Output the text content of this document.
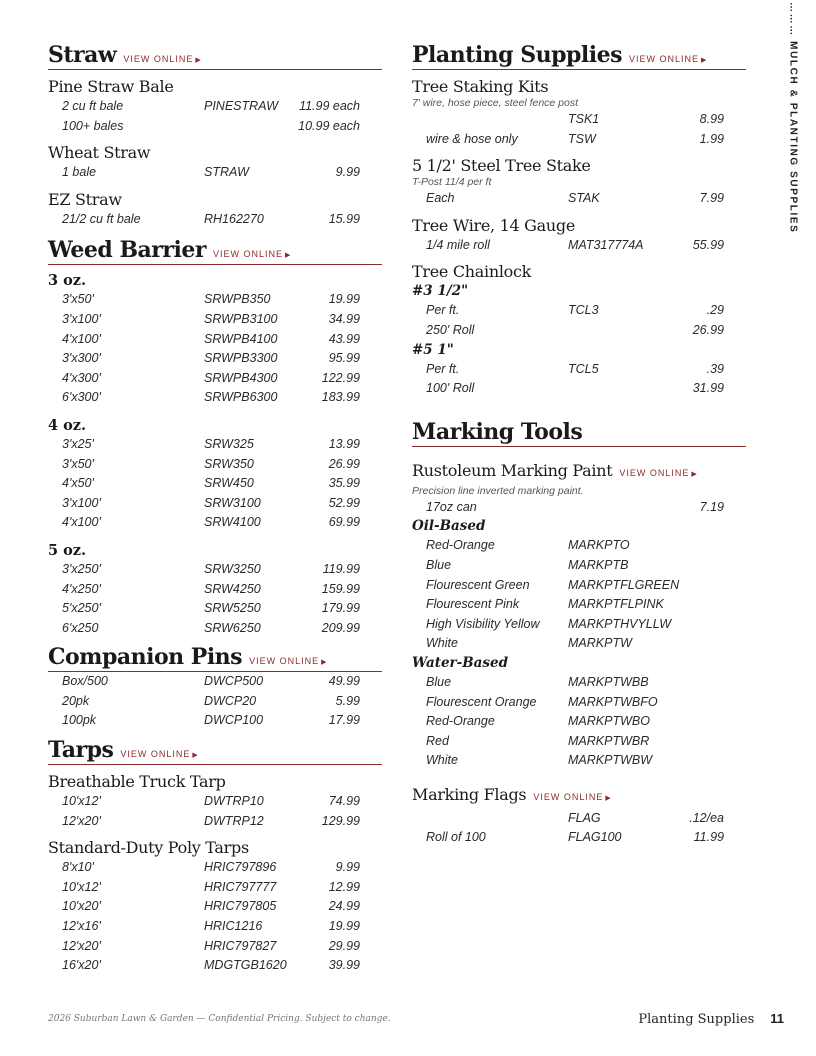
……… MULCH & PLANTING SUPPLIES
Straw VIEW ONLINE ▶
Pine Straw Bale
2 cu ft bale	PINESTRAW	11.99 each
100+ bales	10.99 each
Wheat Straw
1 bale	STRAW	9.99
EZ Straw
21/2 cu ft bale	RH162270	15.99
Weed Barrier VIEW ONLINE ▶
3 oz.
3'x50'	SRWPB350	19.99
3'x100'	SRWPB3100	34.99
4'x100'	SRWPB4100	43.99
3'x300'	SRWPB3300	95.99
4'x300'	SRWPB4300	122.99
6'x300'	SRWPB6300	183.99
4 oz.
3'x25'	SRW325	13.99
3'x50'	SRW350	26.99
4'x50'	SRW450	35.99
3'x100'	SRW3100	52.99
4'x100'	SRW4100	69.99
5 oz.
3'x250'	SRW3250	119.99
4'x250'	SRW4250	159.99
5'x250'	SRW5250	179.99
6'x250	SRW6250	209.99
Companion Pins VIEW ONLINE ▶
Box/500	DWCP500	49.99
20pk	DWCP20	5.99
100pk	DWCP100	17.99
Tarps VIEW ONLINE ▶
Breathable Truck Tarp
10'x12'	DWTRP10	74.99
12'x20'	DWTRP12	129.99
Standard-Duty Poly Tarps
8'x10'	HRIC797896	9.99
10'x12'	HRIC797777	12.99
10'x20'	HRIC797805	24.99
12'x16'	HRIC1216	19.99
12'x20'	HRIC797827	29.99
16'x20'	MDGTGB1620	39.99
Planting Supplies VIEW ONLINE ▶
Tree Staking Kits
7' wire, hose piece, steel fence post
TSK1	8.99
wire & hose only	TSW	1.99
5 1/2' Steel Tree Stake
T-Post 11/4 per ft
Each	STAK	7.99
Tree Wire, 14 Gauge
1/4 mile roll	MAT317774A	55.99
Tree Chainlock
#3 1/2"
Per ft.	TCL3	.29
250' Roll	26.99
#5 1"
Per ft.	TCL5	.39
100' Roll	31.99
Marking Tools
Rustoleum Marking Paint VIEW ONLINE ▶
Precision line inverted marking paint.
17oz can	7.19
Oil-Based
Red-Orange	MARKPTO
Blue	MARKPTB
Flourescent Green	MARKPTFLGREEN
Flourescent Pink	MARKPTFLPINK
High Visibility Yellow	MARKPTHVYLLW
White	MARKPTW
Water-Based
Blue	MARKPTWBB
Flourescent Orange	MARKPTWBFO
Red-Orange	MARKPTWBO
Red	MARKPTWBR
White	MARKPTWBW
Marking Flags VIEW ONLINE ▶
FLAG	.12/ea
Roll of 100	FLAG100	11.99
2026 Suburban Lawn & Garden — Confidential Pricing. Subject to change.	Planting Supplies 11
